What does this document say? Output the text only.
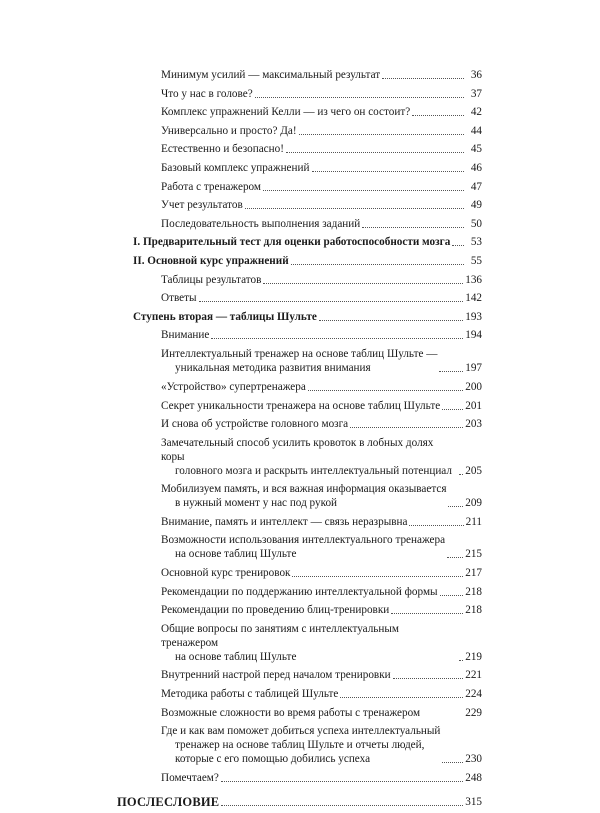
Минимум усилий — максимальный результат	36
Что у нас в голове?	37
Комплекс упражнений Келли — из чего он состоит?	42
Универсально и просто? Да!	44
Естественно и безопасно!	45
Базовый комплекс упражнений	46
Работа с тренажером	47
Учет результатов	49
Последовательность выполнения заданий	50
I. Предварительный тест для оценки работоспособности мозга	53
II. Основной курс упражнений	55
Таблицы результатов	136
Ответы	142
Ступень вторая — таблицы Шульте	193
Внимание	194
Интеллектуальный тренажер на основе таблиц Шульте —
уникальная методика развития внимания	197
«Устройство» супертренажера	200
Секрет уникальности тренажера на основе таблиц Шульте 201
И снова об устройстве головного мозга	203
Замечательный способ усилить кровоток в лобных долях коры
головного мозга и раскрыть интеллектуальный потенциал	205
Мобилизуем память, и вся важная информация оказывается
в нужный момент у нас под рукой	209
Внимание, память и интеллект — связь неразрывна	211
Возможности использования интеллектуального тренажера
на основе таблиц Шульте	215
Основной курс тренировок	217
Рекомендации по поддержанию интеллектуальной формы 218
Рекомендации по проведению блиц-тренировки	218
Общие вопросы по занятиям с интеллектуальным тренажером
на основе таблиц Шульте	219
Внутренний настрой перед началом тренировки	221
Методика работы с таблицей Шульте	224
Возможные сложности во время работы с тренажером	229
Где и как вам поможет добиться успеха интеллектуальный
тренажер на основе таблиц Шульте и отчеты людей,
которые с его помощью добились успеха	230
Помечтаем?	248
ПОСЛЕСЛОВИЕ	315
